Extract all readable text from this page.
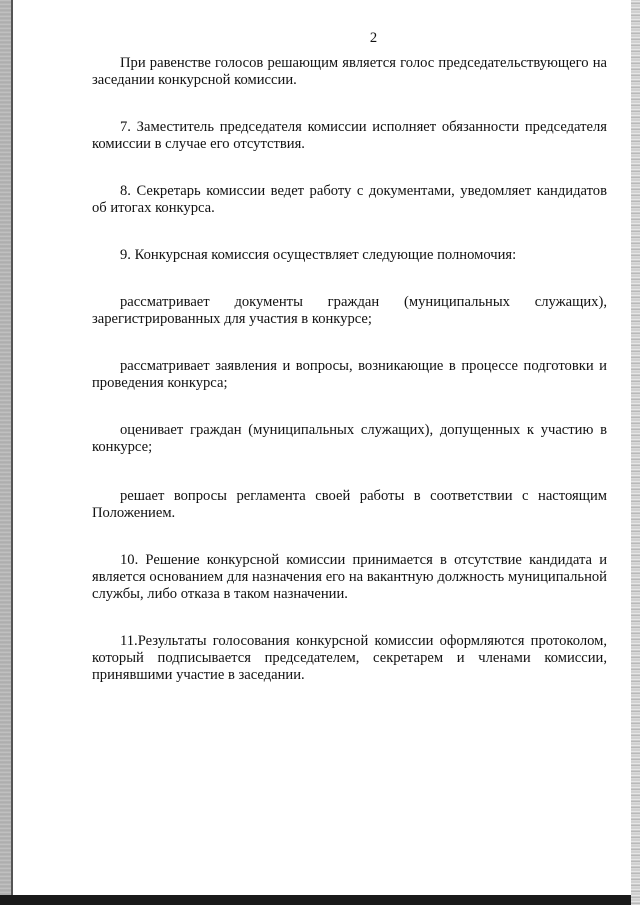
2

При равенстве голосов решающим является голос председательствующего на заседании конкурсной комиссии.

7. Заместитель председателя комиссии исполняет обязанности председателя комиссии в случае его отсутствия.

8. Секретарь комиссии ведет работу с документами, уведомляет кандидатов об итогах конкурса.

9. Конкурсная комиссия осуществляет следующие полномочия:

рассматривает документы граждан (муниципальных служащих), зарегистрированных для участия в конкурсе;

рассматривает заявления и вопросы, возникающие в процессе подготовки и проведения конкурса;

оценивает граждан (муниципальных служащих), допущенных к участию в конкурсе;

решает вопросы регламента своей работы в соответствии с настоящим Положением.

10. Решение конкурсной комиссии принимается в отсутствие кандидата и является основанием для назначения его на вакантную должность муниципальной службы, либо отказа в таком назначении.

11.Результаты голосования конкурсной комиссии оформляются протоколом, который подписывается председателем, секретарем и членами комиссии, принявшими участие в заседании.
